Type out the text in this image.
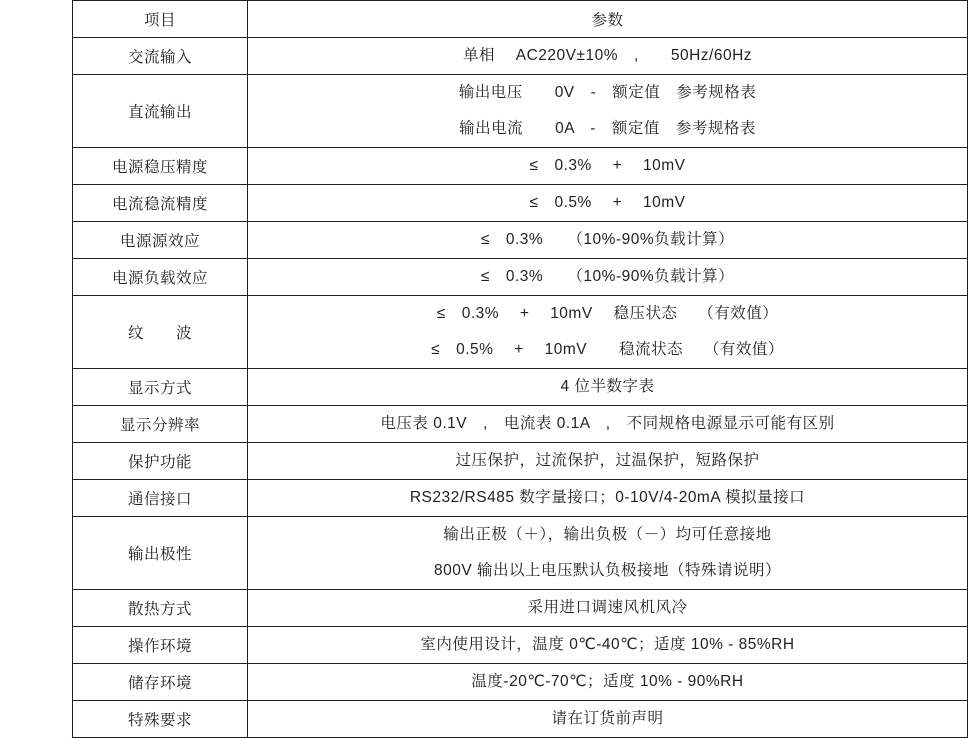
项目	参数
交流输入	单相　 AC220V±10%　,　　50Hz/60Hz

直流输出	输出电压　　0V　-　额定值　参考规格表
输出电流　　0A　-　额定值　参考规格表

电源稳压精度	≤　0.3%　 +　 10mV

电流稳流精度	≤　0.5%　 +　 10mV

电源源效应	≤　0.3%　　（10%-90%负载计算）

电源负载效应	≤　0.3%　　（10%-90%负载计算）

纹　　波	≤　0.3%　 +　 10mV　 稳压状态　 （有效值）
≤　0.5%　 +　 10mV　　稳流状态　 （有效值）

显示方式	4 位半数字表

显示分辨率	电压表 0.1V　,　电流表 0.1A　,　不同规格电源显示可能有区别

保护功能	过压保护，过流保护，过温保护，短路保护

通信接口	RS232/RS485 数字量接口；0-10V/4-20mA 模拟量接口

输出极性	输出正极（＋），输出负极（－）均可任意接地
800V 输出以上电压默认负极接地（特殊请说明）

散热方式	采用进口调速风机风冷

操作环境	室内使用设计，温度 0℃-40℃；适度 10% - 85%RH

储存环境	温度-20℃-70℃；适度 10% - 90%RH

特殊要求	请在订货前声明
